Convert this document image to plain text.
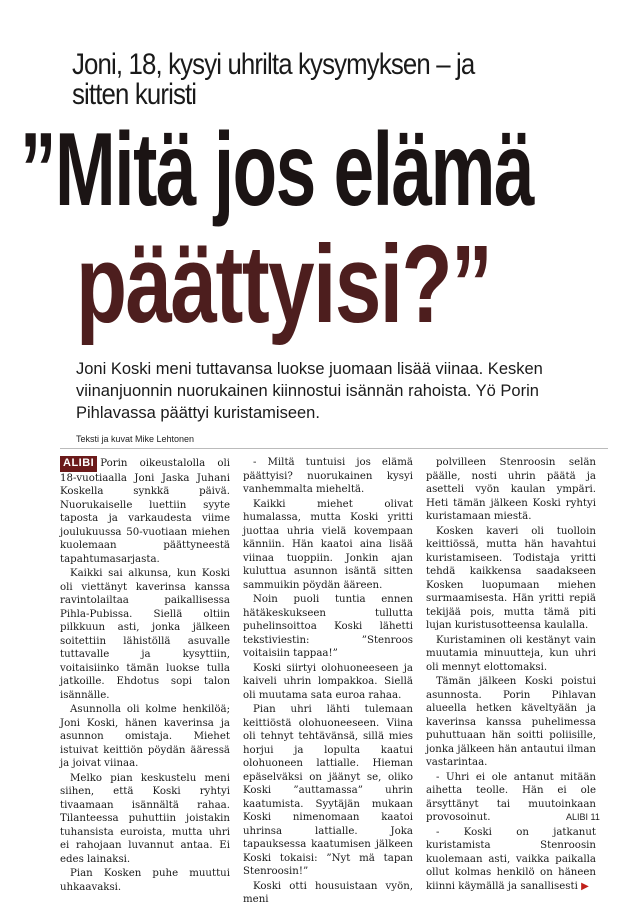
Joni, 18, kysyi uhrilta kysymyksen – ja sitten kuristi
”Mitä jos elämä
päättyisi?”
Joni Koski meni tuttavansa luokse juomaan lisää viinaa. Kesken viinanjuonnin nuorukainen kiinnostui isännän rahoista. Yö Porin Pihlavassa päättyi kuristamiseen.
Teksti ja kuvat Mike Lehtonen

ALIBI Porin oikeustalolla oli 18-vuotiaalla Joni Jaska Juhani Koskella synkkä päivä. Nuorukaiselle luettiin syyte taposta ja varkaudesta viime joulukuussa 50-vuotiaan miehen kuolemaan päättyneestä tapahtumasarjasta.

Kaikki sai alkunsa, kun Koski oli viettänyt kaverinsa kanssa ravintolailtaa paikallisessa Pihla-Pubissa. Siellä oltiin pilkkuun asti, jonka jälkeen soitettiin lähistöllä asuvalle tuttavalle ja kysyttiin, voitaisiinko tämän luokse tulla jatkoille. Ehdotus sopi talon isännälle.

Asunnolla oli kolme henkilöä; Joni Koski, hänen kaverinsa ja asunnon omistaja. Miehet istuivat keittiön pöydän ääressä ja joivat viinaa.

Melko pian keskustelu meni siihen, että Koski ryhtyi tivaamaan isännältä rahaa. Tilanteessa puhuttiin joistakin tuhansista euroista, mutta uhri ei rahojaan luvannut antaa. Ei edes lainaksi.

Pian Kosken puhe muuttui uhkaavaksi.

- Miltä tuntuisi jos elämä päättyisi? nuorukainen kysyi vanhemmalta mieheltä.

Kaikki miehet olivat humalassa, mutta Koski yritti juottaa uhria vielä kovempaan känniin. Hän kaatoi aina lisää viinaa tuoppiin. Jonkin ajan kuluttua asunnon isäntä sitten sammuikin pöydän ääreen.

Noin puoli tuntia ennen hätäkeskukseen tullutta puhelinsoittoa Koski lähetti tekstiviestin: ”Stenroos voitaisiin tappaa!”

Koski siirtyi olohuoneeseen ja kaiveli uhrin lompakkoa. Siellä oli muutama sata euroa rahaa.

Pian uhri lähti tulemaan keittiöstä olohuoneeseen. Viina oli tehnyt tehtävänsä, sillä mies horjui ja lopulta kaatui olohuoneen lattialle. Hieman epäselväksi on jäänyt se, oliko Koski ”auttamassa” uhrin kaatumista. Syytäjän mukaan Koski nimenomaan kaatoi uhrinsa lattialle. Joka tapauksessa kaatumisen jälkeen Koski tokaisi: ”Nyt mä tapan Stenroosin!”

Koski otti housuistaan vyön, meni

polvilleen Stenroosin selän päälle, nosti uhrin päätä ja asetteli vyön kaulan ympäri. Heti tämän jälkeen Koski ryhtyi kuristamaan miestä.

Kosken kaveri oli tuolloin keittiössä, mutta hän havahtui kuristamiseen. Todistaja yritti tehdä kaikkensa saadakseen Kosken luopumaan miehen surmaamisesta. Hän yritti repiä tekijää pois, mutta tämä piti lujan kuristusotteensa kaulalla.

Kuristaminen oli kestänyt vain muutamia minuutteja, kun uhri oli mennyt elottomaksi.

Tämän jälkeen Koski poistui asunnosta. Porin Pihlavan alueella hetken käveltyään ja kaverinsa kanssa puhelimessa puhuttuaan hän soitti poliisille, jonka jälkeen hän antautui ilman vastarintaa.

- Uhri ei ole antanut mitään aihetta teolle. Hän ei ole ärsyttänyt tai muutoinkaan provosoinut.

- Koski on jatkanut kuristamista Stenroosin kuolemaan asti, vaikka paikalla ollut kolmas henkilö on häneen kiinni käymällä ja sanallisesti ▶

ALIBI 11
